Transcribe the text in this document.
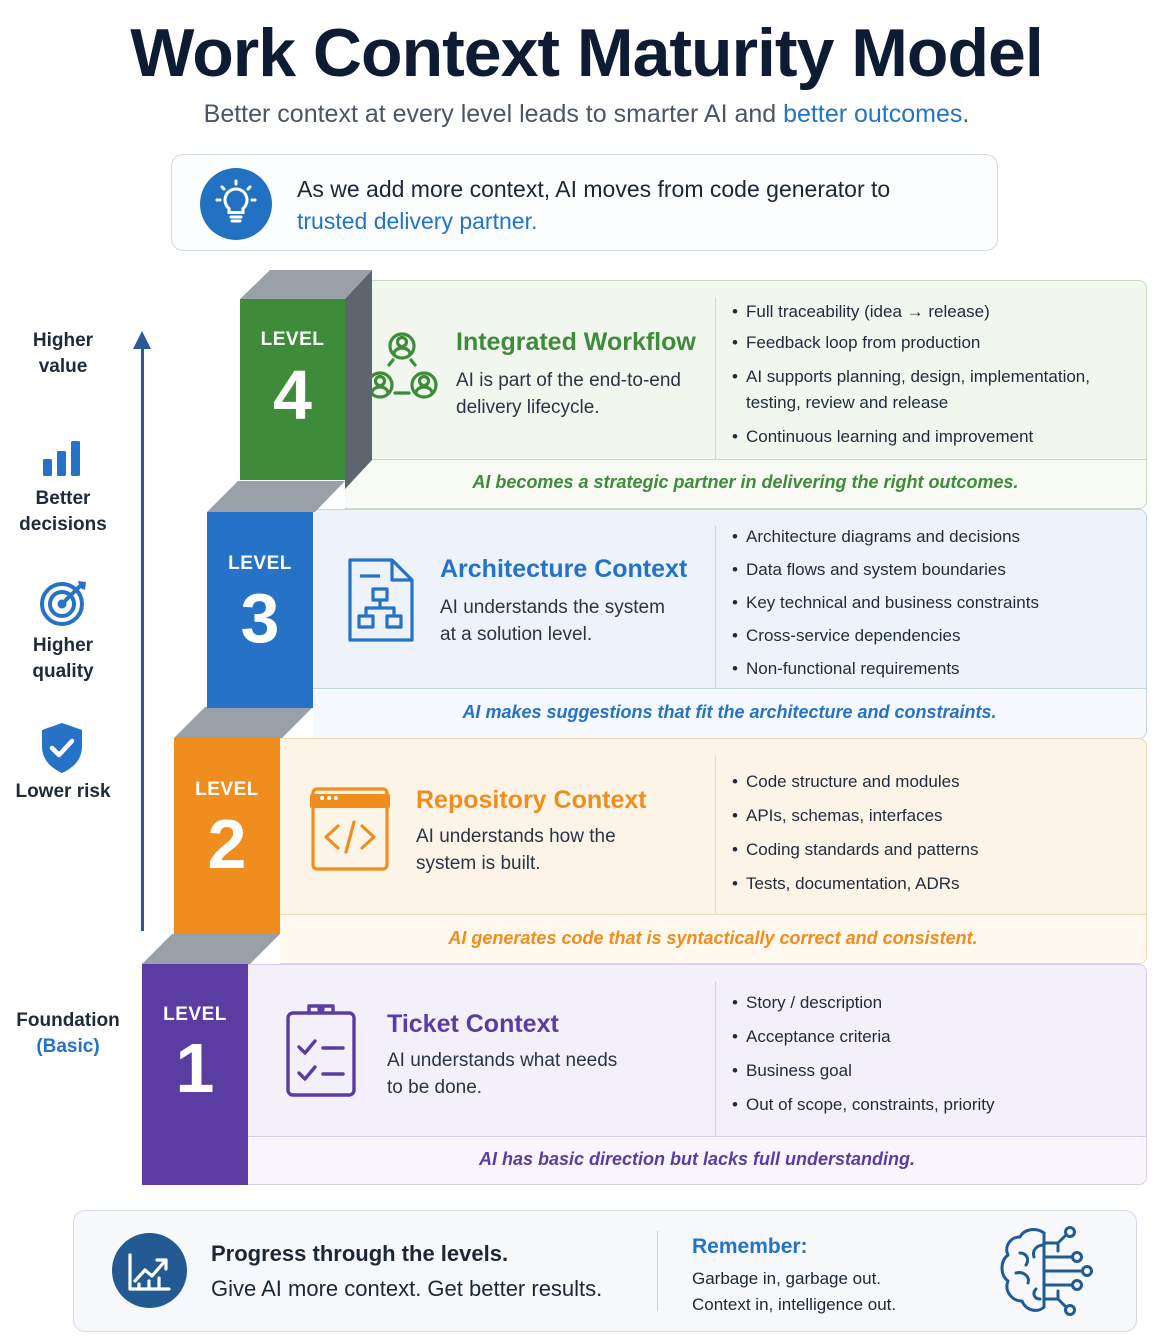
Work Context Maturity Model
Better context at every level leads to smarter AI and better outcomes.
As we add more context, AI moves from code generator to
trusted delivery partner.
Higher value
Better decisions
Higher quality
Lower risk
Foundation
(Basic)
Integrated Workflow
AI is part of the end-to-end
delivery lifecycle.
• Full traceability (idea → release)
• Feedback loop from production
• AI supports planning, design, implementation, testing, review and release
• Continuous learning and improvement
AI becomes a strategic partner in delivering the right outcomes.
Architecture Context
AI understands the system
at a solution level.
• Architecture diagrams and decisions
• Data flows and system boundaries
• Key technical and business constraints
• Cross-service dependencies
• Non-functional requirements
AI makes suggestions that fit the architecture and constraints.
Repository Context
AI understands how the
system is built.
• Code structure and modules
• APIs, schemas, interfaces
• Coding standards and patterns
• Tests, documentation, ADRs
AI generates code that is syntactically correct and consistent.
Ticket Context
AI understands what needs
to be done.
• Story / description
• Acceptance criteria
• Business goal
• Out of scope, constraints, priority
AI has basic direction but lacks full understanding.
LEVEL
4
LEVEL
3
LEVEL
2
LEVEL
1
Progress through the levels.
Give AI more context. Get better results.
Remember:
Garbage in, garbage out.
Context in, intelligence out.
